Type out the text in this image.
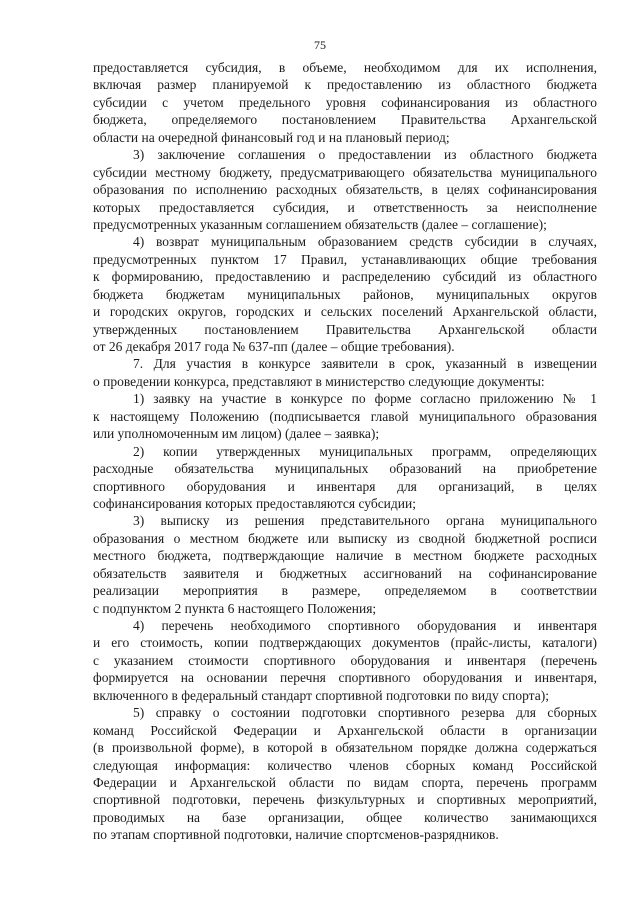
75
предоставляется субсидия, в объеме, необходимом для их исполнения,
включая размер планируемой к предоставлению из областного бюджета
субсидии с учетом предельного уровня софинансирования из областного
бюджета, определяемого постановлением Правительства Архангельской
области на очередной финансовый год и на плановый период;
3) заключение соглашения о предоставлении из областного бюджета
субсидии местному бюджету, предусматривающего обязательства муниципального
образования по исполнению расходных обязательств, в целях софинансирования
которых предоставляется субсидия, и ответственность за неисполнение
предусмотренных указанным соглашением обязательств (далее – соглашение);
4) возврат муниципальным образованием средств субсидии в случаях,
предусмотренных пунктом 17 Правил, устанавливающих общие требования
к формированию, предоставлению и распределению субсидий из областного
бюджета бюджетам муниципальных районов, муниципальных округов
и городских округов, городских и сельских поселений Архангельской области,
утвержденных постановлением Правительства Архангельской области
от 26 декабря 2017 года № 637-пп (далее – общие требования).
7. Для участия в конкурсе заявители в срок, указанный в извещении
о проведении конкурса, представляют в министерство следующие документы:
1) заявку на участие в конкурсе по форме согласно приложению № 1
к настоящему Положению (подписывается главой муниципального образования
или уполномоченным им лицом) (далее – заявка);
2) копии утвержденных муниципальных программ, определяющих
расходные обязательства муниципальных образований на приобретение
спортивного оборудования и инвентаря для организаций, в целях
софинансирования которых предоставляются субсидии;
3) выписку из решения представительного органа муниципального
образования о местном бюджете или выписку из сводной бюджетной росписи
местного бюджета, подтверждающие наличие в местном бюджете расходных
обязательств заявителя и бюджетных ассигнований на софинансирование
реализации мероприятия в размере, определяемом в соответствии
с подпунктом 2 пункта 6 настоящего Положения;
4) перечень необходимого спортивного оборудования и инвентаря
и его стоимость, копии подтверждающих документов (прайс-листы, каталоги)
с указанием стоимости спортивного оборудования и инвентаря (перечень
формируется на основании перечня спортивного оборудования и инвентаря,
включенного в федеральный стандарт спортивной подготовки по виду спорта);
5) справку о состоянии подготовки спортивного резерва для сборных
команд Российской Федерации и Архангельской области в организации
(в произвольной форме), в которой в обязательном порядке должна содержаться
следующая информация: количество членов сборных команд Российской
Федерации и Архангельской области по видам спорта, перечень программ
спортивной подготовки, перечень физкультурных и спортивных мероприятий,
проводимых на базе организации, общее количество занимающихся
по этапам спортивной подготовки, наличие спортсменов-разрядников.
